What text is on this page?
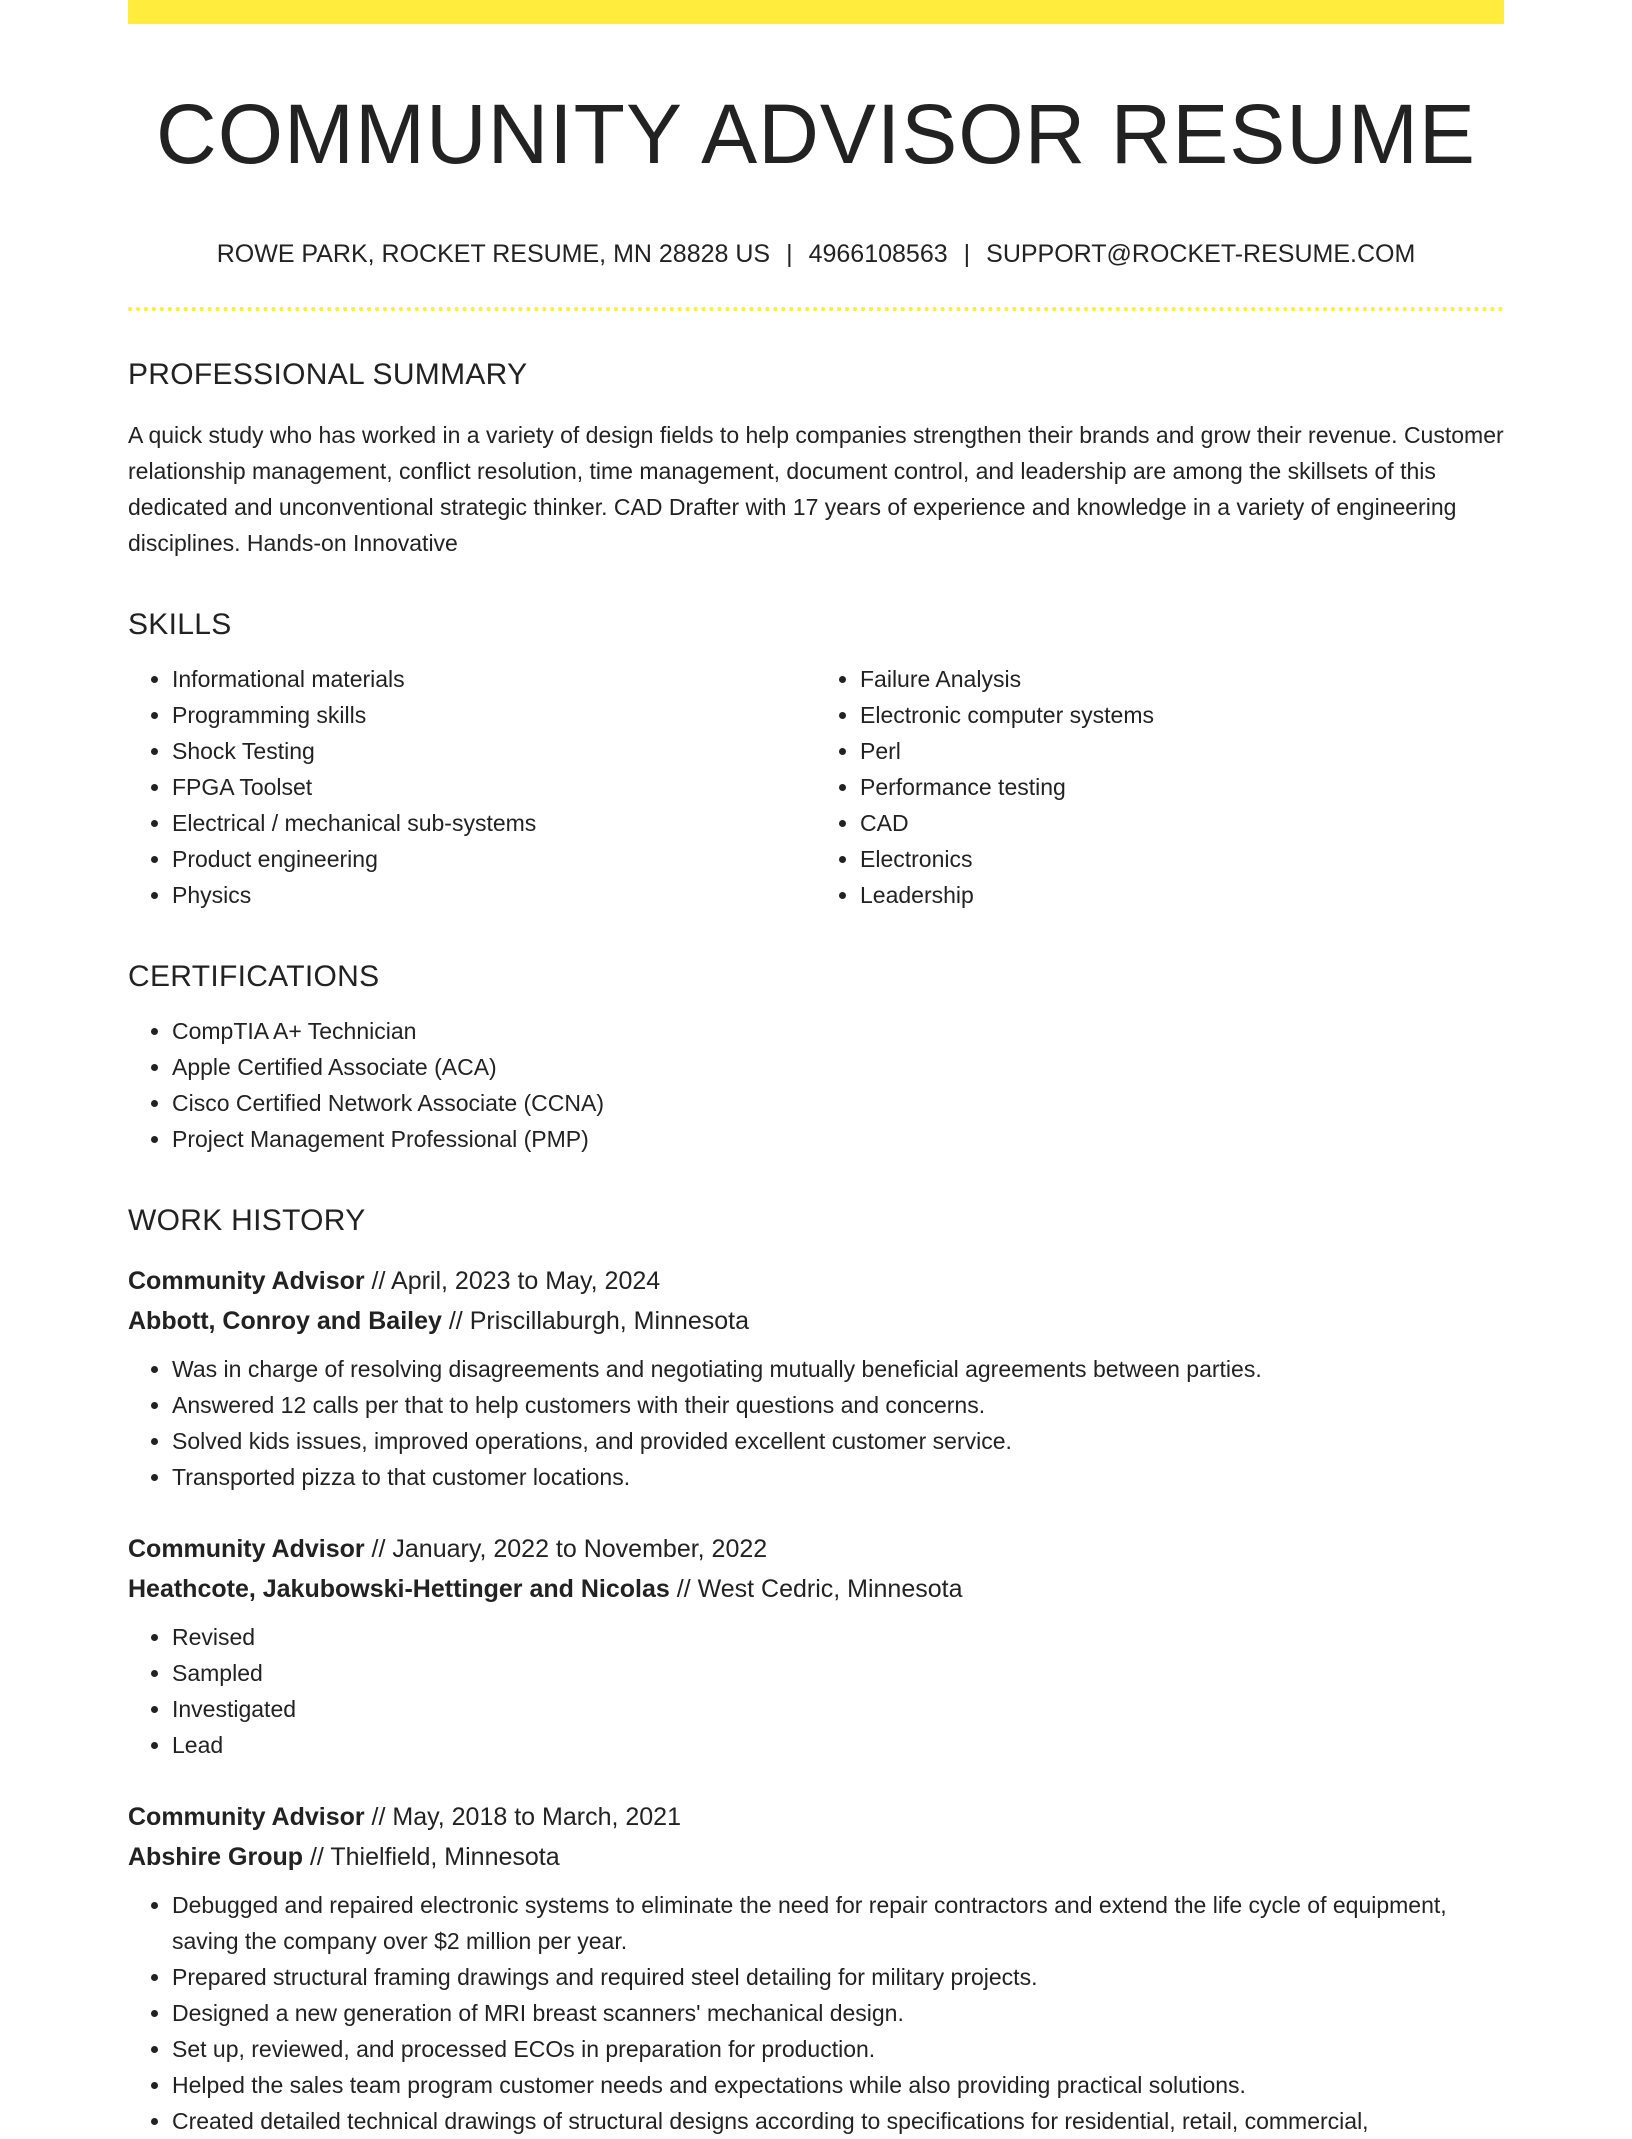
COMMUNITY ADVISOR RESUME
ROWE PARK, ROCKET RESUME, MN 28828 US | 4966108563 | SUPPORT@ROCKET-RESUME.COM
PROFESSIONAL SUMMARY

A quick study who has worked in a variety of design fields to help companies strengthen their brands and grow their revenue. Customer relationship management, conflict resolution, time management, document control, and leadership are among the skillsets of this dedicated and unconventional strategic thinker. CAD Drafter with 17 years of experience and knowledge in a variety of engineering disciplines. Hands-on Innovative

SKILLS
• Informational materials
• Programming skills
• Shock Testing
• FPGA Toolset
• Electrical / mechanical sub-systems
• Product engineering
• Physics
• Failure Analysis
• Electronic computer systems
• Perl
• Performance testing
• CAD
• Electronics
• Leadership
CERTIFICATIONS
• CompTIA A+ Technician
• Apple Certified Associate (ACA)
• Cisco Certified Network Associate (CCNA)
• Project Management Professional (PMP)
WORK HISTORY
Community Advisor // April, 2023 to May, 2024
Abbott, Conroy and Bailey // Priscillaburgh, Minnesota
• Was in charge of resolving disagreements and negotiating mutually beneficial agreements between parties.
• Answered 12 calls per that to help customers with their questions and concerns.
• Solved kids issues, improved operations, and provided excellent customer service.
• Transported pizza to that customer locations.
Community Advisor // January, 2022 to November, 2022
Heathcote, Jakubowski-Hettinger and Nicolas // West Cedric, Minnesota
• Revised
• Sampled
• Investigated
• Lead
Community Advisor // May, 2018 to March, 2021
Abshire Group // Thielfield, Minnesota
• Debugged and repaired electronic systems to eliminate the need for repair contractors and extend the life cycle of equipment, saving the company over $2 million per year.
• Prepared structural framing drawings and required steel detailing for military projects.
• Designed a new generation of MRI breast scanners' mechanical design.
• Set up, reviewed, and processed ECOs in preparation for production.
• Helped the sales team program customer needs and expectations while also providing practical solutions.
• Created detailed technical drawings of structural designs according to specifications for residential, retail, commercial,
